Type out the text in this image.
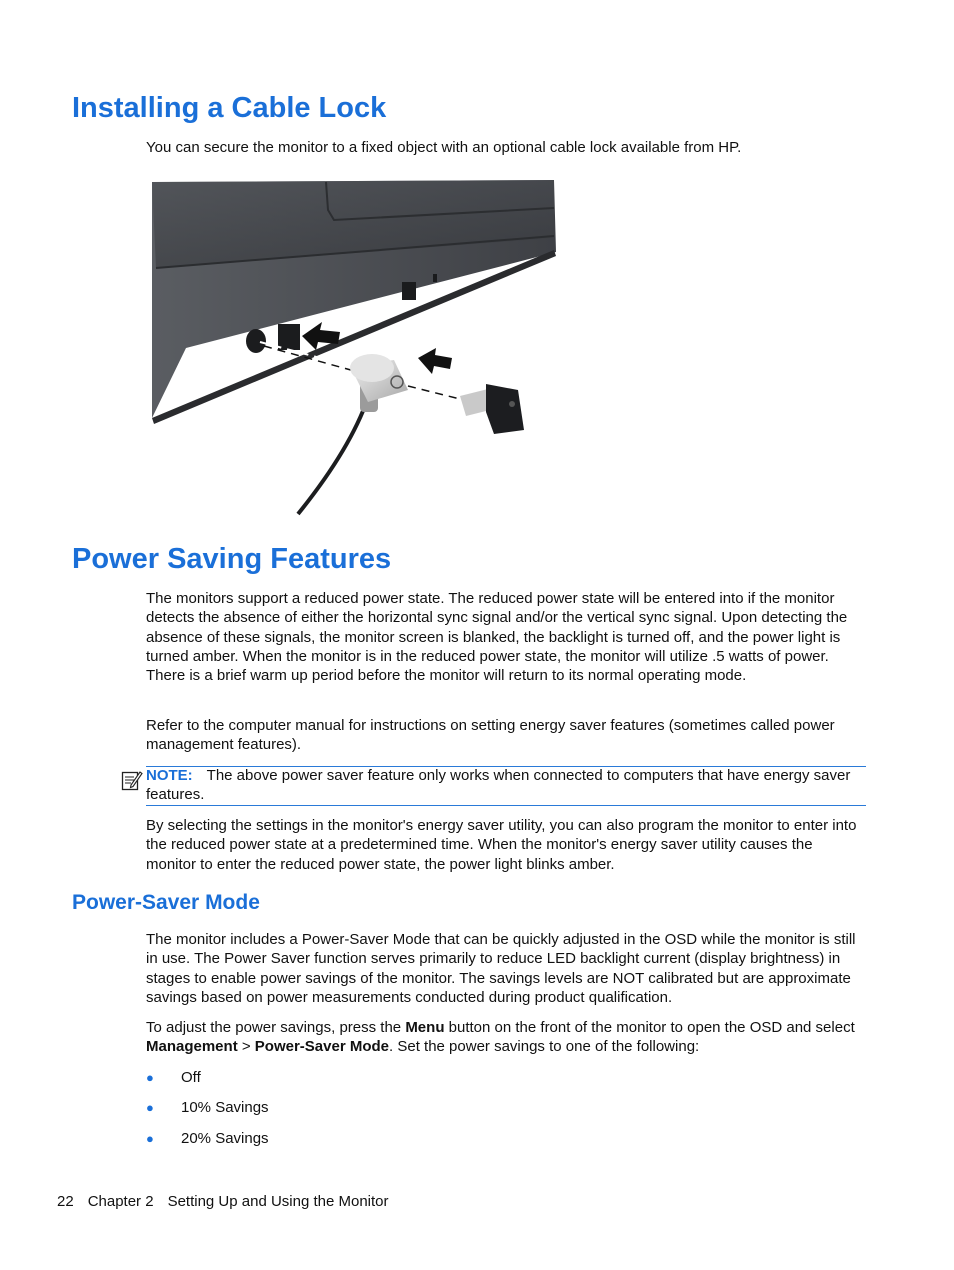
Installing a Cable Lock

You can secure the monitor to a fixed object with an optional cable lock available from HP.

Power Saving Features

The monitors support a reduced power state. The reduced power state will be entered into if the monitor detects the absence of either the horizontal sync signal and/or the vertical sync signal. Upon detecting the absence of these signals, the monitor screen is blanked, the backlight is turned off, and the power light is turned amber. When the monitor is in the reduced power state, the monitor will utilize .5 watts of power. There is a brief warm up period before the monitor will return to its normal operating mode.

Refer to the computer manual for instructions on setting energy saver features (sometimes called power management features).

NOTE: The above power saver feature only works when connected to computers that have energy saver features.

By selecting the settings in the monitor's energy saver utility, you can also program the monitor to enter into the reduced power state at a predetermined time. When the monitor's energy saver utility causes the monitor to enter the reduced power state, the power light blinks amber.

Power-Saver Mode

The monitor includes a Power-Saver Mode that can be quickly adjusted in the OSD while the monitor is still in use. The Power Saver function serves primarily to reduce LED backlight current (display brightness) in stages to enable power savings of the monitor. The savings levels are NOT calibrated but are approximate savings based on power measurements conducted during product qualification.

To adjust the power savings, press the Menu button on the front of the monitor to open the OSD and select Management > Power-Saver Mode. Set the power savings to one of the following:

● Off
● 10% Savings
● 20% Savings
22 Chapter 2 Setting Up and Using the Monitor
